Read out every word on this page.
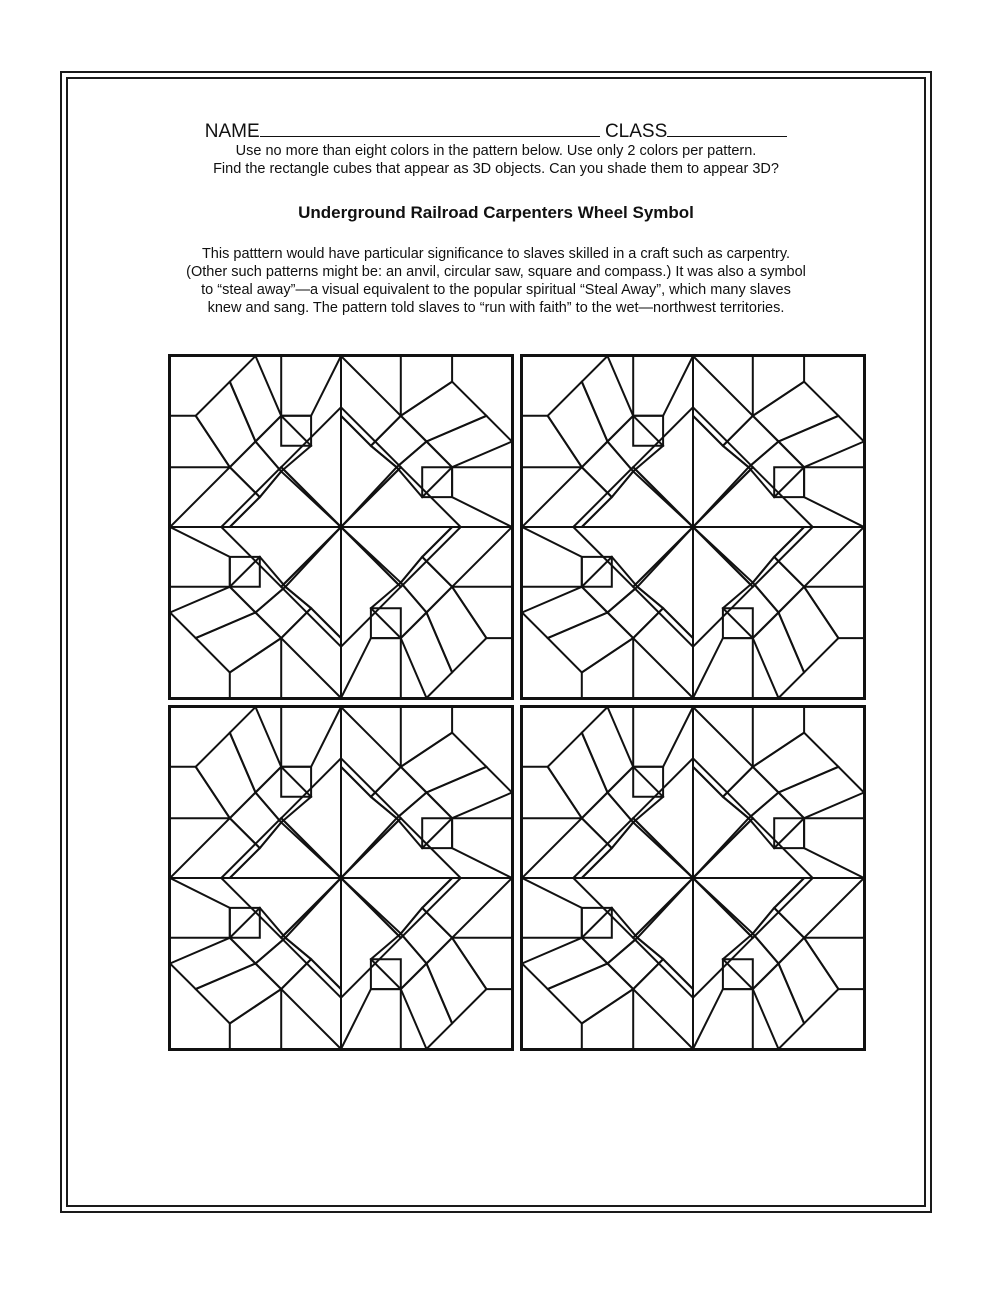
NAME	CLASS
Use no more than eight colors in the pattern below. Use only 2 colors per pattern.
Find the rectangle cubes that appear as 3D objects. Can you shade them to appear 3D?
Underground Railroad Carpenters Wheel Symbol
This patttern would have particular significance to slaves skilled in a craft such as carpentry.
(Other such patterns might be: an anvil, circular saw, square and compass.) It was also a symbol
to “steal away”—a visual equivalent to the popular spiritual “Steal Away”, which many slaves
knew and sang. The pattern told slaves to “run with faith” to the wet—northwest territories.
